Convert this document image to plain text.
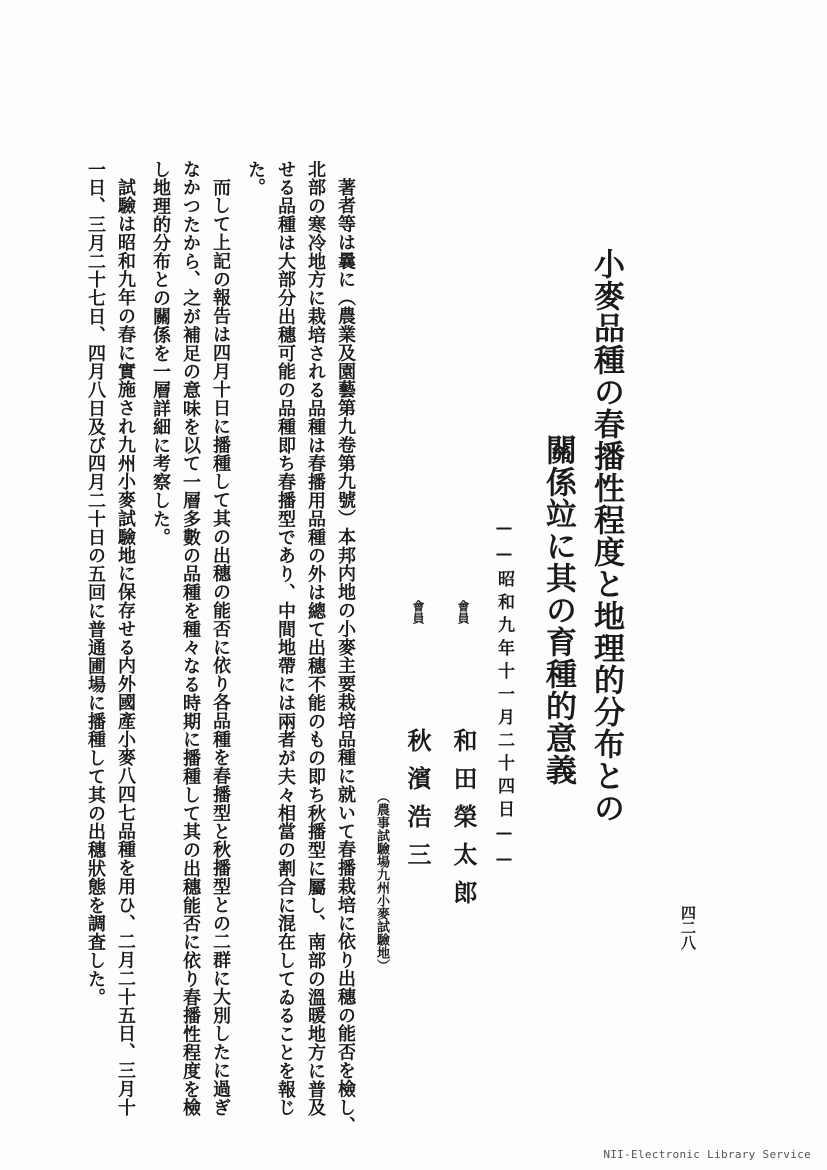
四二八
小麥品種の春播性程度と地理的分布との
關係竝に其の育種的意義
——昭和九年十一月二十四日——
會員
和田榮太郎
會員
秋濱浩三
（農事試驗場九州小麥試驗地）
著者等は曩に（農業及園藝第九卷第九號）本邦内地の小麥主要栽培品種に就いて春播栽培に依り出穗の能否を檢し、
北部の寒冷地方に栽培される品種は春播用品種の外は總て出穗不能のもの即ち秋播型に屬し、南部の溫暖地方に普及
せる品種は大部分出穗可能の品種即ち春播型であり、中間地帶には兩者が夫々相當の割合に混在してゐることを報じ
た。
而して上記の報告は四月十日に播種して其の出穗の能否に依り各品種を春播型と秋播型との二群に大別したに過ぎ
なかつたから、之が補足の意味を以て一層多數の品種を種々なる時期に播種して其の出穗能否に依り春播性程度を檢
し地理的分布との關係を一層詳細に考察した。
試驗は昭和九年の春に實施され九州小麥試驗地に保存せる内外國產小麥八四七品種を用ひ、二月二十五日、三月十
一日、三月二十七日、四月八日及び四月二十日の五回に普通圃場に播種して其の出穗狀態を調査した。
NII-Electronic Library Service
